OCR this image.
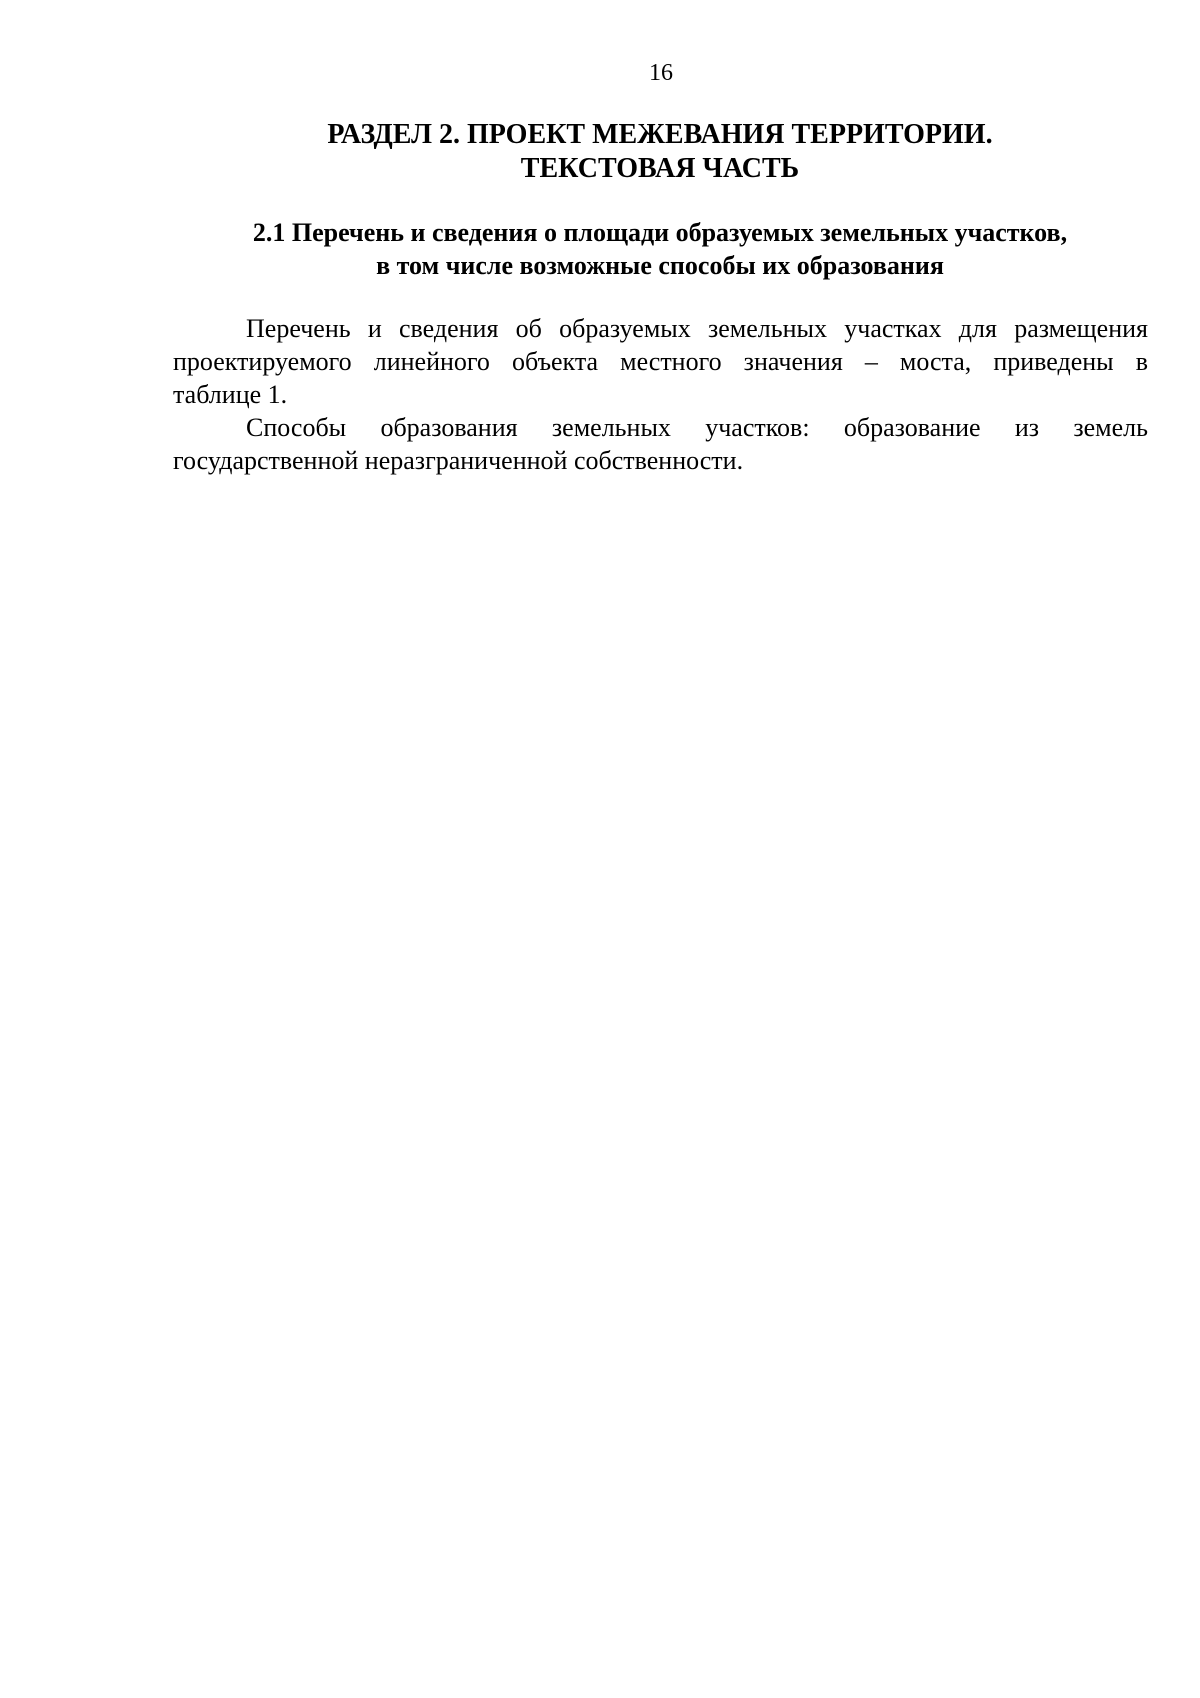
16
РАЗДЕЛ 2. ПРОЕКТ МЕЖЕВАНИЯ ТЕРРИТОРИИ.
ТЕКСТОВАЯ ЧАСТЬ
2.1 Перечень и сведения о площади образуемых земельных участков,
в том числе возможные способы их образования
Перечень и сведения об образуемых земельных участках для размещения
проектируемого линейного объекта местного значения – моста, приведены в
таблице 1.
Способы образования земельных участков: образование из земель
государственной неразграниченной собственности.
